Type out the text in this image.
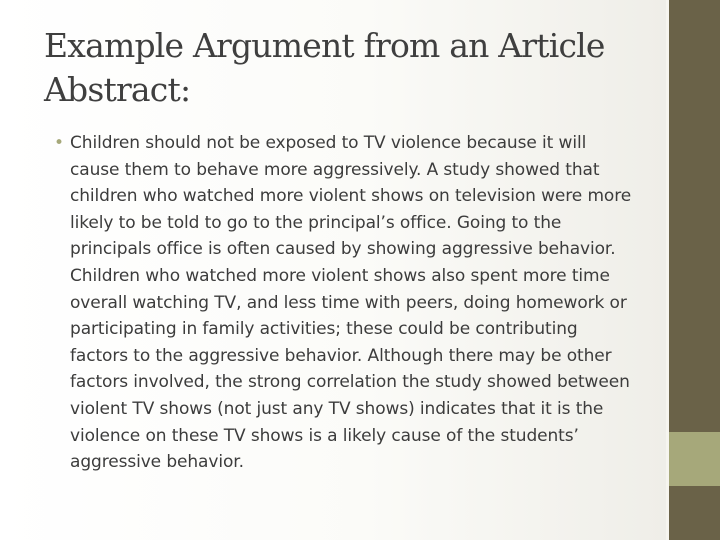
Example Argument from an Article Abstract:
• Children should not be exposed to TV violence because it will cause them to behave more aggressively. A study showed that children who watched more violent shows on television were more likely to be told to go to the principal’s office. Going to the principals office is often caused by showing aggressive behavior. Children who watched more violent shows also spent more time overall watching TV, and less time with peers, doing homework or participating in family activities; these could be contributing factors to the aggressive behavior. Although there may be other factors involved, the strong correlation the study showed between violent TV shows (not just any TV shows) indicates that it is the violence on these TV shows is a likely cause of the students’ aggressive behavior.
